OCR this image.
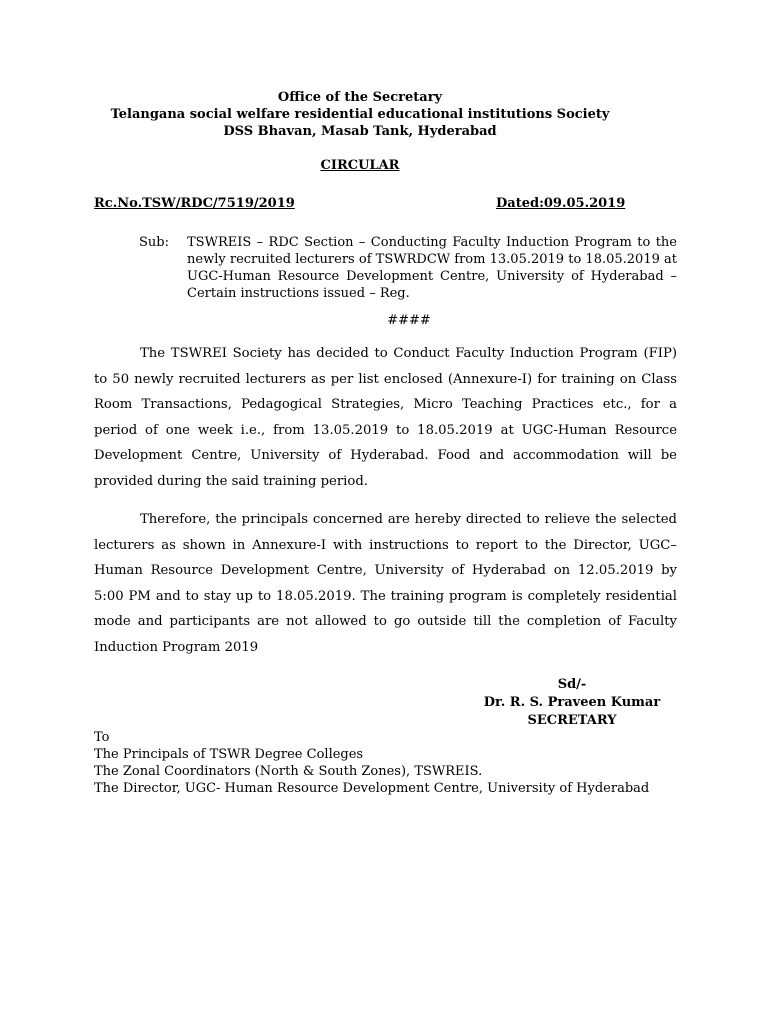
Office of the Secretary
Telangana social welfare residential educational institutions Society
DSS Bhavan, Masab Tank, Hyderabad
CIRCULAR
Rc.No.TSW/RDC/7519/2019	Dated:09.05.2019
Sub: TSWREIS – RDC Section – Conducting Faculty Induction Program to the newly recruited lecturers of TSWRDCW from 13.05.2019 to 18.05.2019 at UGC-Human Resource Development Centre, University of Hyderabad – Certain instructions issued – Reg.
####
The TSWREI Society has decided to Conduct Faculty Induction Program (FIP) to 50 newly recruited lecturers as per list enclosed (Annexure-I) for training on Class Room Transactions, Pedagogical Strategies, Micro Teaching Practices etc., for a period of one week i.e., from 13.05.2019 to 18.05.2019 at UGC-Human Resource Development Centre, University of Hyderabad. Food and accommodation will be provided during the said training period.
Therefore, the principals concerned are hereby directed to relieve the selected lecturers as shown in Annexure-I with instructions to report to the Director, UGC–Human Resource Development Centre, University of Hyderabad on 12.05.2019 by 5:00 PM and to stay up to 18.05.2019. The training program is completely residential mode and participants are not allowed to go outside till the completion of Faculty Induction Program 2019
Sd/-
Dr. R. S. Praveen Kumar
SECRETARY
To
The Principals of TSWR Degree Colleges
The Zonal Coordinators (North & South Zones), TSWREIS.
The Director, UGC- Human Resource Development Centre, University of Hyderabad
